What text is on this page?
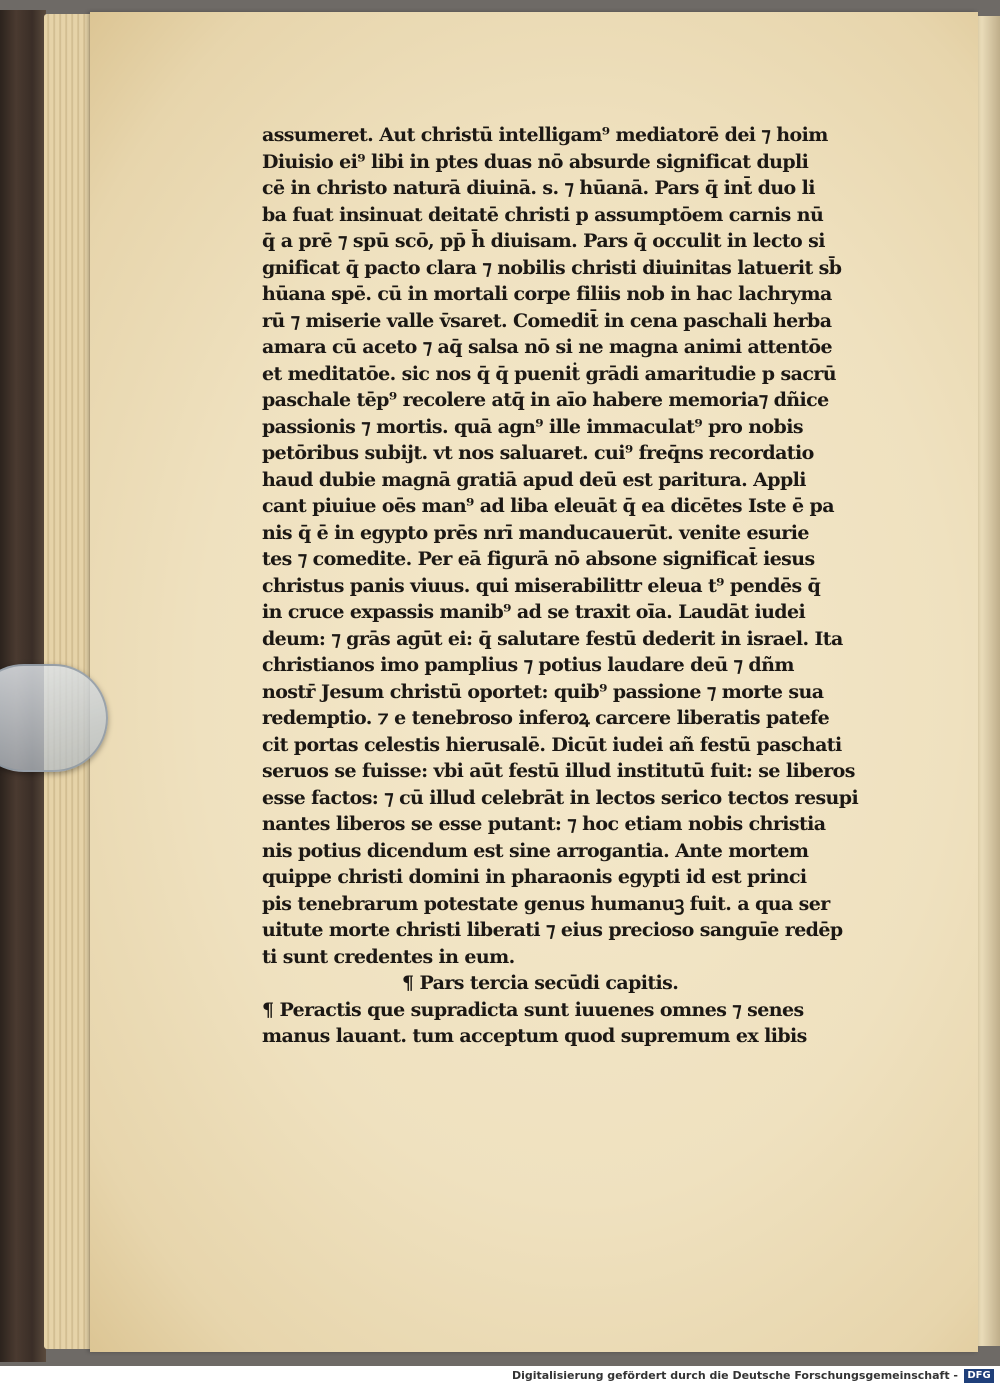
assumeret. Aut christū intelligam⁹ mediatorē dei ⁊ hoim
Diuisio ei⁹ libi in ptes duas nō absurde significat dupli
cē in christo naturā diuinā. s. ⁊ hūanā. Pars q̄ int̄ duo li
ba fuat insinuat deitatē christi p assumptōem carnis nū
q̄ a prē ⁊ spū scō, pp̄ h̄ diuisam. Pars q̄ occulit in lecto si
gnificat q̄ pacto clara ⁊ nobilis christi diuinitas latuerit sb̄
hūana spē. cū in mortali corpe filiis nob in hac lachryma
rū ⁊ miserie valle v̄saret. Comedit̄ in cena paschali herba
amara cū aceto ⁊ aq̄ salsa nō si ne magna animi attentōe
et meditatōe. sic nos q̄ q̄ pueniṫ grādi amaritudie p sacrū
paschale tēp⁹ recolere atq̄ in aīo habere memoria⁊ dñice
passionis ⁊ mortis. quā agn⁹ ille immaculat⁹ pro nobis
petōribus subijt. vt nos saluaret. cui⁹ freq̄ns recordatio
haud dubie magnā gratiā apud deū est paritura. Appli
cant piuiue oēs man⁹ ad liba eleuāt q̄ ea dicētes Iste ē pa
nis q̄ ē in egypto prēs nrī manducauerūt. venite esurie
tes ⁊ comedite. Per eā figurā nō absone significat̄ iesus
christus panis viuus. qui miserabilittr eleua t⁹ pendēs q̄
in cruce expassis manib⁹ ad se traxit oīa. Laudāt iudei
deum: ⁊ grās agūt ei: q̄ salutare festū dederit in israel. Ita
christianos imo pamplius ⁊ potius laudare deū ⁊ dñm
nostr̄ Jesum christū oportet: quib⁹ passione ⁊ morte sua
redemptio. ⁊ e tenebroso inferoꝝ carcere liberatis patefe
cit portas celestis hierusalē. Dicūt iudei añ festū paschati
seruos se fuisse: vbi aūt festū illud institutū fuit: se liberos
esse factos: ⁊ cū illud celebrāt in lectos serico tectos resupi
nantes liberos se esse putant: ⁊ hoc etiam nobis christia
nis potius dicendum est sine arrogantia. Ante mortem
quippe christi domini in pharaonis egypti id est princi
pis tenebrarum potestate genus humanuꝫ fuit. a qua ser
uitute morte christi liberati ⁊ eius precioso sanguīe redēp
ti sunt credentes in eum.
¶ Pars tercia secūdi capitis.
¶ Peractis que supradicta sunt iuuenes omnes ⁊ senes
manus lauant. tum acceptum quod supremum ex libis
Digitalisierung gefördert durch die Deutsche Forschungsgemeinschaft - DFG
